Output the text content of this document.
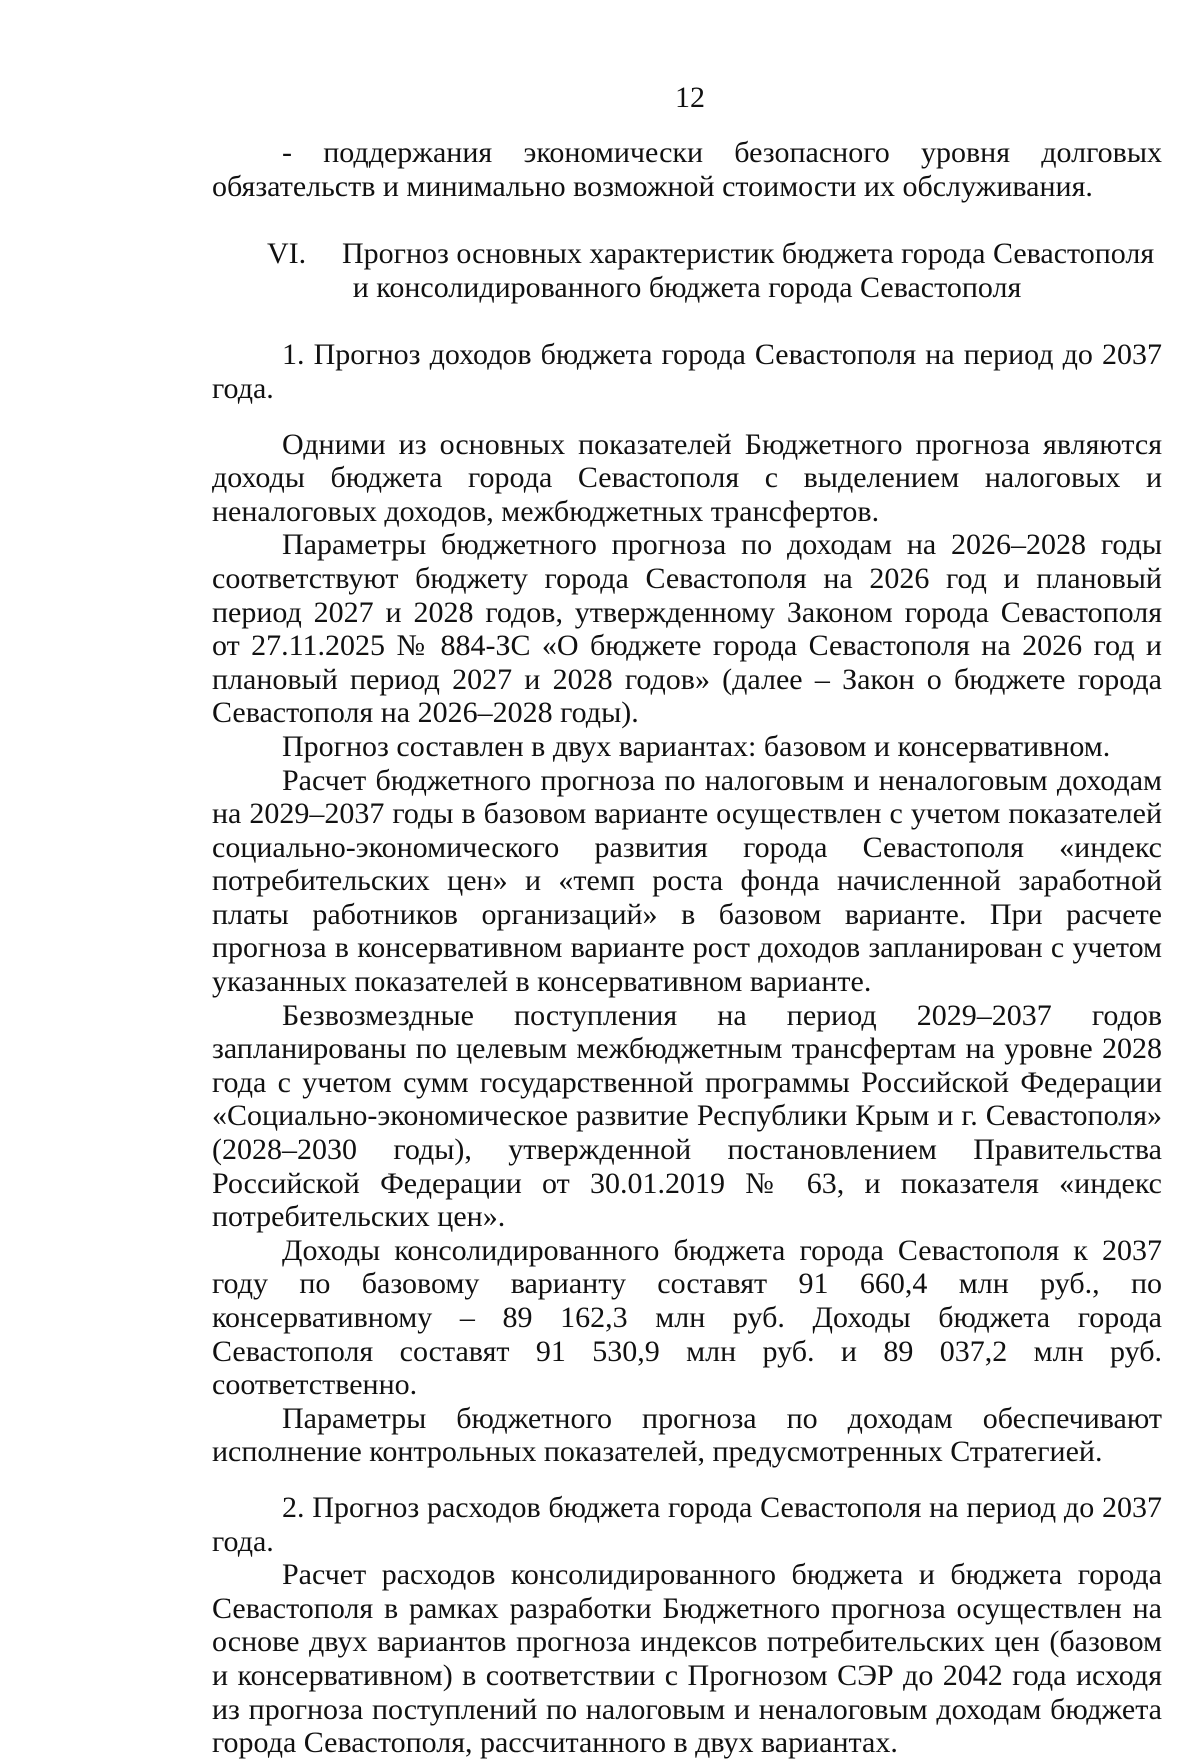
12

- поддержания экономически безопасного уровня долговых обязательств и минимально возможной стоимости их обслуживания.

VI. Прогноз основных характеристик бюджета города Севастополя
и консолидированного бюджета города Севастополя

1. Прогноз доходов бюджета города Севастополя на период до 2037 года.

Одними из основных показателей Бюджетного прогноза являются доходы бюджета города Севастополя с выделением налоговых и неналоговых доходов, межбюджетных трансфертов.

Параметры бюджетного прогноза по доходам на 2026–2028 годы соответствуют бюджету города Севастополя на 2026 год и плановый период 2027 и 2028 годов, утвержденному Законом города Севастополя от 27.11.2025 № 884-ЗС «О бюджете города Севастополя на 2026 год и плановый период 2027 и 2028 годов» (далее – Закон о бюджете города Севастополя на 2026–2028 годы).

Прогноз составлен в двух вариантах: базовом и консервативном.

Расчет бюджетного прогноза по налоговым и неналоговым доходам на 2029–2037 годы в базовом варианте осуществлен с учетом показателей социально-экономического развития города Севастополя «индекс потребительских цен» и «темп роста фонда начисленной заработной платы работников организаций» в базовом варианте. При расчете прогноза в консервативном варианте рост доходов запланирован с учетом указанных показателей в консервативном варианте.

Безвозмездные поступления на период 2029–2037 годов запланированы по целевым межбюджетным трансфертам на уровне 2028 года с учетом сумм государственной программы Российской Федерации «Социально-экономическое развитие Республики Крым и г. Севастополя» (2028–2030 годы), утвержденной постановлением Правительства Российской Федерации от 30.01.2019 № 63, и показателя «индекс потребительских цен».

Доходы консолидированного бюджета города Севастополя к 2037 году по базовому варианту составят 91 660,4 млн руб., по консервативному – 89 162,3 млн руб. Доходы бюджета города Севастополя составят 91 530,9 млн руб. и 89 037,2 млн руб. соответственно.

Параметры бюджетного прогноза по доходам обеспечивают исполнение контрольных показателей, предусмотренных Стратегией.

2. Прогноз расходов бюджета города Севастополя на период до 2037 года.

Расчет расходов консолидированного бюджета и бюджета города Севастополя в рамках разработки Бюджетного прогноза осуществлен на основе двух вариантов прогноза индексов потребительских цен (базовом и консервативном) в соответствии с Прогнозом СЭР до 2042 года исходя из прогноза поступлений по налоговым и неналоговым доходам бюджета города Севастополя, рассчитанного в двух вариантах.
